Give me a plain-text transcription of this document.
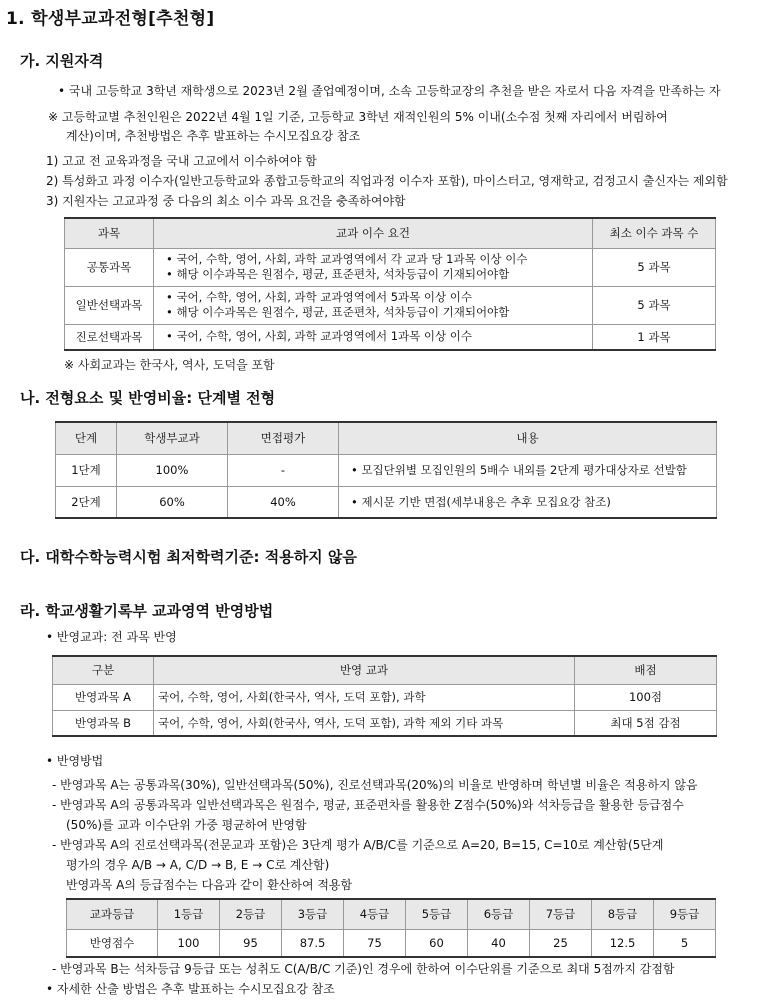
1. 학생부교과전형[추천형]
가. 지원자격
• 국내 고등학교 3학년 재학생으로 2023년 2월 졸업예정이며, 소속 고등학교장의 추천을 받은 자로서 다음 자격을 만족하는 자
※ 고등학교별 추천인원은 2022년 4월 1일 기준, 고등학교 3학년 재적인원의 5% 이내(소수점 첫째 자리에서 버림하여
계산)이며, 추천방법은 추후 발표하는 수시모집요강 참조
1) 고교 전 교육과정을 국내 고교에서 이수하여야 함
2) 특성화고 과정 이수자(일반고등학교와 종합고등학교의 직업과정 이수자 포함), 마이스터고, 영재학교, 검정고시 출신자는 제외함
3) 지원자는 고교과정 중 다음의 최소 이수 과목 요건을 충족하여야함
과목	교과 이수 요건	최소 이수 과목 수
공통과목	• 국어, 수학, 영어, 사회, 과학 교과영역에서 각 교과 당 1과목 이상 이수
• 해당 이수과목은 원점수, 평균, 표준편차, 석차등급이 기재되어야함	5 과목
일반선택과목	• 국어, 수학, 영어, 사회, 과학 교과영역에서 5과목 이상 이수
• 해당 이수과목은 원점수, 평균, 표준편차, 석차등급이 기재되어야함	5 과목
진로선택과목	• 국어, 수학, 영어, 사회, 과학 교과영역에서 1과목 이상 이수	1 과목
※ 사회교과는 한국사, 역사, 도덕을 포함
나. 전형요소 및 반영비율: 단계별 전형
단계	학생부교과	면접평가	내용
1단계	100%	-	• 모집단위별 모집인원의 5배수 내외를 2단계 평가대상자로 선발함
2단계	60%	40%	• 제시문 기반 면접(세부내용은 추후 모집요강 참조)
다. 대학수학능력시험 최저학력기준: 적용하지 않음
라. 학교생활기록부 교과영역 반영방법
• 반영교과: 전 과목 반영
구분	반영 교과	배점
반영과목 A	국어, 수학, 영어, 사회(한국사, 역사, 도덕 포함), 과학	100점
반영과목 B	국어, 수학, 영어, 사회(한국사, 역사, 도덕 포함), 과학 제외 기타 과목	최대 5점 감점
• 반영방법
- 반영과목 A는 공통과목(30%), 일반선택과목(50%), 진로선택과목(20%)의 비율로 반영하며 학년별 비율은 적용하지 않음
- 반영과목 A의 공통과목과 일반선택과목은 원점수, 평균, 표준편차를 활용한 Z점수(50%)와 석차등급을 활용한 등급점수
(50%)를 교과 이수단위 가중 평균하여 반영함
- 반영과목 A의 진로선택과목(전문교과 포함)은 3단계 평가 A/B/C를 기준으로 A=20, B=15, C=10로 계산함(5단계
평가의 경우 A/B → A, C/D → B, E → C로 계산함)
반영과목 A의 등급점수는 다음과 같이 환산하여 적용함
교과등급	1등급	2등급	3등급	4등급	5등급	6등급	7등급	8등급	9등급
반영점수	100	95	87.5	75	60	40	25	12.5	5
- 반영과목 B는 석차등급 9등급 또는 성취도 C(A/B/C 기준)인 경우에 한하여 이수단위를 기준으로 최대 5점까지 감점함
• 자세한 산출 방법은 추후 발표하는 수시모집요강 참조
